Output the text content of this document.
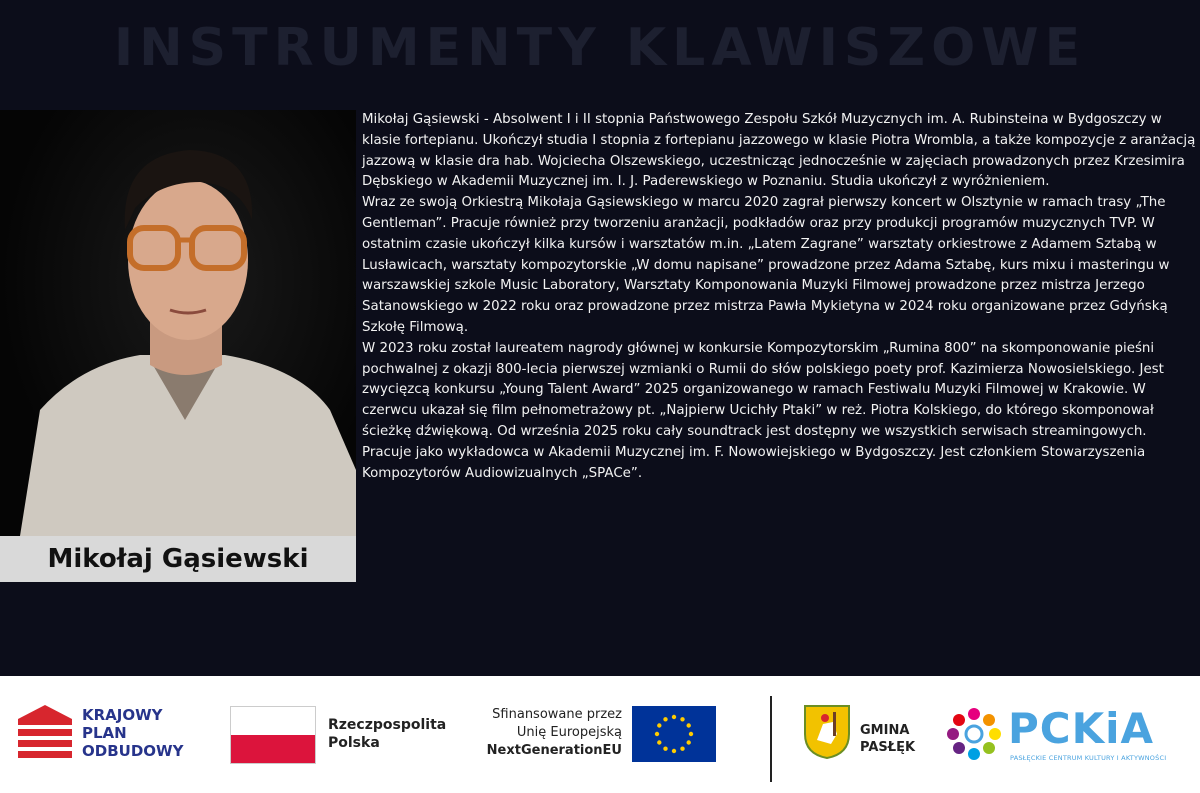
INSTRUMENTY KLAWISZOWE
Mikołaj Gąsiewski

Mikołaj Gąsiewski - Absolwent I i II stopnia Państwowego Zespołu Szkół Muzycznych im. A. Rubinsteina w Bydgoszczy w klasie fortepianu. Ukończył studia I stopnia z fortepianu jazzowego w klasie Piotra Wrombla, a także kompozycje z aranżacją jazzową w klasie dra hab. Wojciecha Olszewskiego, uczestnicząc jednocześnie w zajęciach prowadzonych przez Krzesimira Dębskiego w Akademii Muzycznej im. I. J. Paderewskiego w Poznaniu. Studia ukończył z wyróżnieniem.

Wraz ze swoją Orkiestrą Mikołaja Gąsiewskiego w marcu 2020 zagrał pierwszy koncert w Olsztynie w ramach trasy „The Gentleman”. Pracuje również przy tworzeniu aranżacji, podkładów oraz przy produkcji programów muzycznych TVP. W ostatnim czasie ukończył kilka kursów i warsztatów m.in. „Latem Zagrane” warsztaty orkiestrowe z Adamem Sztabą w Lusławicach, warsztaty kompozytorskie „W domu napisane” prowadzone przez Adama Sztabę, kurs mixu i masteringu w warszawskiej szkole Music Laboratory, Warsztaty Komponowania Muzyki Filmowej prowadzone przez mistrza Jerzego Satanowskiego w 2022 roku oraz prowadzone przez mistrza Pawła Mykietyna w 2024 roku organizowane przez Gdyńską Szkołę Filmową.

W 2023 roku został laureatem nagrody głównej w konkursie Kompozytorskim „Rumina 800” na skomponowanie pieśni pochwalnej z okazji 800-lecia pierwszej wzmianki o Rumii do słów polskiego poety prof. Kazimierza Nowosielskiego. Jest zwycięzcą konkursu „Young Talent Award” 2025 organizowanego w ramach Festiwalu Muzyki Filmowej w Krakowie. W czerwcu ukazał się film pełnometrażowy pt. „Najpierw Ucichły Ptaki” w reż. Piotra Kolskiego, do którego skomponował ścieżkę dźwiękową. Od września 2025 roku cały soundtrack jest dostępny we wszystkich serwisach streamingowych.

Pracuje jako wykładowca w Akademii Muzycznej im. F. Nowowiejskiego w Bydgoszczy. Jest członkiem Stowarzyszenia Kompozytorów Audiowizualnych „SPACe”.

KRAJOWY
PLAN
ODBUDOWY
Rzeczpospolita
Polska
Sfinansowane przez
Unię Europejską
NextGenerationEU
GMINA
PASŁĘK PCKiA
PASŁĘCKIE CENTRUM KULTURY I AKTYWNOŚCI
